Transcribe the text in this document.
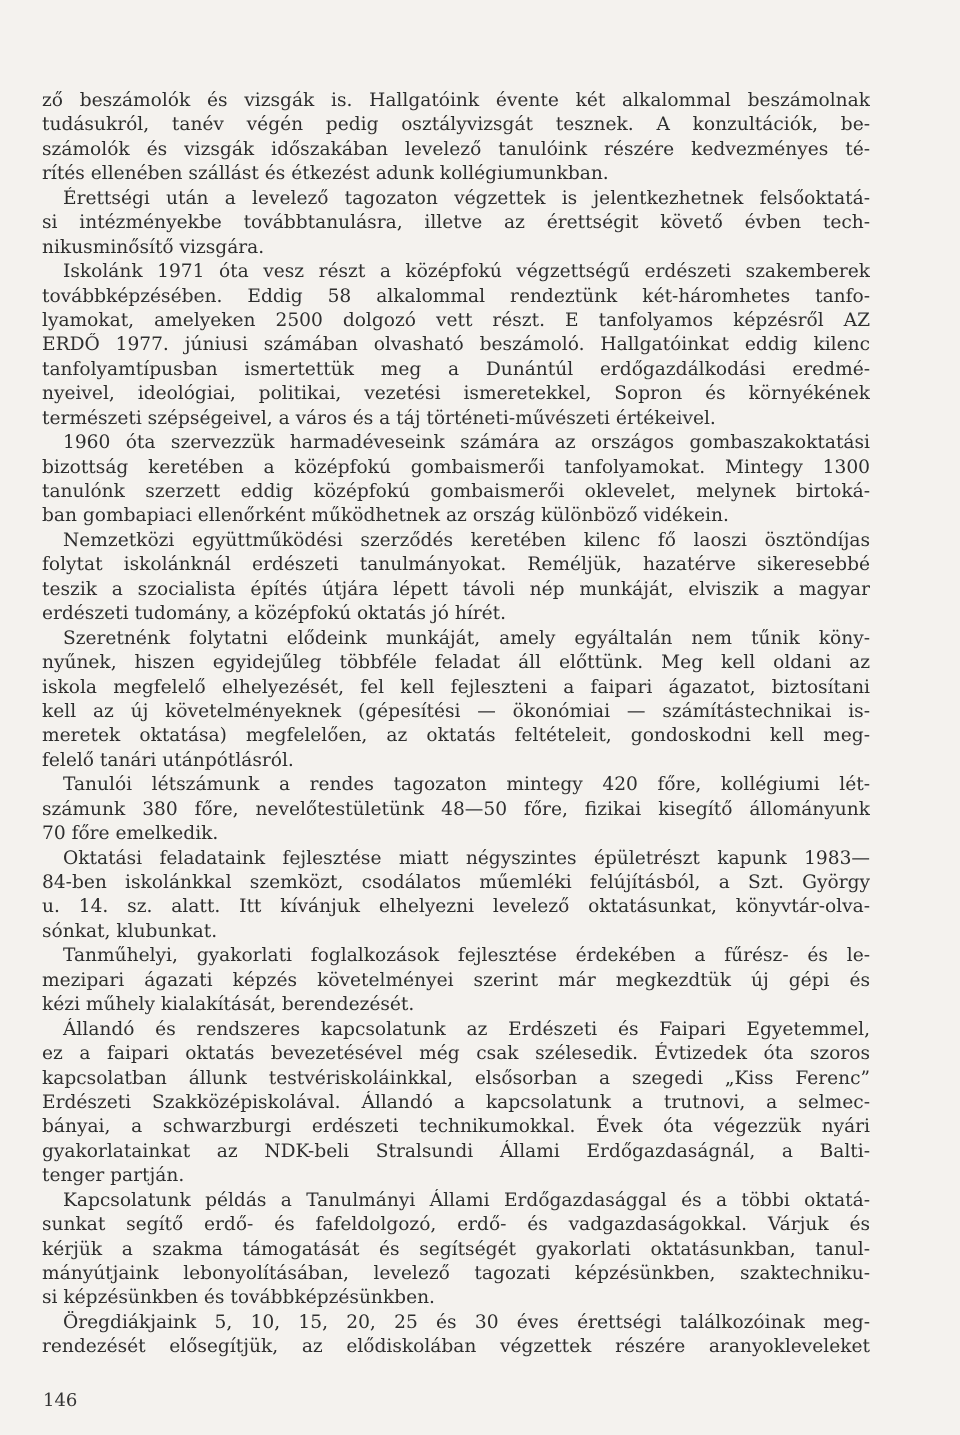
ző beszámolók és vizsgák is. Hallgatóink évente két alkalommal beszámolnak
tudásukról, tanév végén pedig osztályvizsgát tesznek. A konzultációk, be-
számolók és vizsgák időszakában levelező tanulóink részére kedvezményes té-
rítés ellenében szállást és étkezést adunk kollégiumunkban.
Érettségi után a levelező tagozaton végzettek is jelentkezhetnek felsőoktatá-
si intézményekbe továbbtanulásra, illetve az érettségit követő évben tech-
nikusminősítő vizsgára.
Iskolánk 1971 óta vesz részt a középfokú végzettségű erdészeti szakemberek
továbbképzésében. Eddig 58 alkalommal rendeztünk két-háromhetes tanfo-
lyamokat, amelyeken 2500 dolgozó vett részt. E tanfolyamos képzésről AZ
ERDŐ 1977. júniusi számában olvasható beszámoló. Hallgatóinkat eddig kilenc
tanfolyamtípusban ismertettük meg a Dunántúl erdőgazdálkodási eredmé-
nyeivel, ideológiai, politikai, vezetési ismeretekkel, Sopron és környékének
természeti szépségeivel, a város és a táj történeti-művészeti értékeivel.
1960 óta szervezzük harmadéveseink számára az országos gombaszakoktatási
bizottság keretében a középfokú gombaismerői tanfolyamokat. Mintegy 1300
tanulónk szerzett eddig középfokú gombaismerői oklevelet, melynek birtoká-
ban gombapiaci ellenőrként működhetnek az ország különböző vidékein.
Nemzetközi együttműködési szerződés keretében kilenc fő laoszi ösztöndíjas
folytat iskolánknál erdészeti tanulmányokat. Reméljük, hazatérve sikeresebbé
teszik a szocialista építés útjára lépett távoli nép munkáját, elviszik a magyar
erdészeti tudomány, a középfokú oktatás jó hírét.
Szeretnénk folytatni elődeink munkáját, amely egyáltalán nem tűnik köny-
nyűnek, hiszen egyidejűleg többféle feladat áll előttünk. Meg kell oldani az
iskola megfelelő elhelyezését, fel kell fejleszteni a faipari ágazatot, biztosítani
kell az új követelményeknek (gépesítési — ökonómiai — számítástechnikai is-
meretek oktatása) megfelelően, az oktatás feltételeit, gondoskodni kell meg-
felelő tanári utánpótlásról.
Tanulói létszámunk a rendes tagozaton mintegy 420 főre, kollégiumi lét-
számunk 380 főre, nevelőtestületünk 48—50 főre, fizikai kisegítő állományunk
70 főre emelkedik.
Oktatási feladataink fejlesztése miatt négyszintes épületrészt kapunk 1983—
84-ben iskolánkkal szemközt, csodálatos műemléki felújításból, a Szt. György
u. 14. sz. alatt. Itt kívánjuk elhelyezni levelező oktatásunkat, könyvtár-olva-
sónkat, klubunkat.
Tanműhelyi, gyakorlati foglalkozások fejlesztése érdekében a fűrész- és le-
mezipari ágazati képzés követelményei szerint már megkezdtük új gépi és
kézi műhely kialakítását, berendezését.
Állandó és rendszeres kapcsolatunk az Erdészeti és Faipari Egyetemmel,
ez a faipari oktatás bevezetésével még csak szélesedik. Évtizedek óta szoros
kapcsolatban állunk testvériskoláinkkal, elsősorban a szegedi „Kiss Ferenc”
Erdészeti Szakközépiskolával. Állandó a kapcsolatunk a trutnovi, a selmec-
bányai, a schwarzburgi erdészeti technikumokkal. Évek óta végezzük nyári
gyakorlatainkat az NDK-beli Stralsundi Állami Erdőgazdaságnál, a Balti-
tenger partján.
Kapcsolatunk példás a Tanulmányi Állami Erdőgazdasággal és a többi oktatá-
sunkat segítő erdő- és fafeldolgozó, erdő- és vadgazdaságokkal. Várjuk és
kérjük a szakma támogatását és segítségét gyakorlati oktatásunkban, tanul-
mányútjaink lebonyolításában, levelező tagozati képzésünkben, szaktechniku-
si képzésünkben és továbbképzésünkben.
Öregdiákjaink 5, 10, 15, 20, 25 és 30 éves érettségi találkozóinak meg-
rendezését elősegítjük, az elődiskolában végzettek részére aranyokleveleket
146
